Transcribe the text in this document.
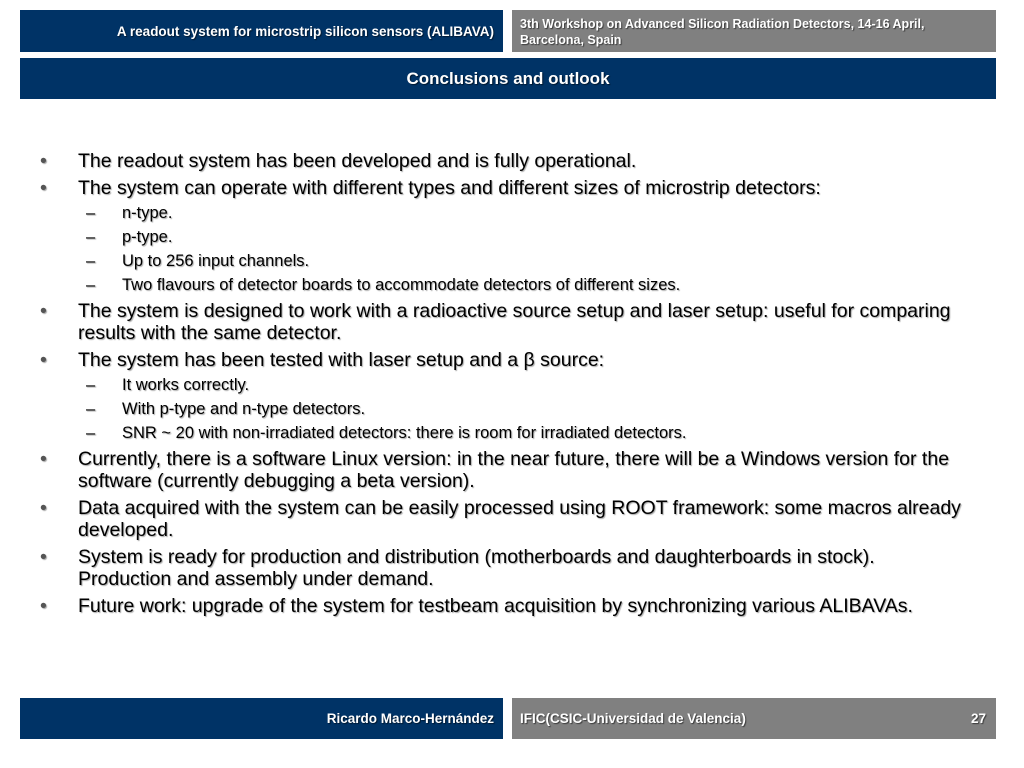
A readout system for microstrip silicon sensors (ALIBAVA)	3th Workshop on Advanced Silicon Radiation Detectors, 14-16 April, Barcelona, Spain
Conclusions and outlook
• The readout system has been developed and is fully operational.
• The system can operate with different types and different sizes of microstrip detectors:
– n-type.
– p-type.
– Up to 256 input channels.
– Two flavours of detector boards to accommodate detectors of different sizes.
• The system is designed to work with a radioactive source setup and laser setup: useful for comparing results with the same detector.
• The system has been tested with laser setup and a β source:
– It works correctly.
– With p-type and n-type detectors.
– SNR ~ 20 with non-irradiated detectors: there is room for irradiated detectors.
• Currently, there is a software Linux version: in the near future, there will be a Windows version for the software (currently debugging a beta version).
• Data acquired with the system can be easily processed using ROOT framework: some macros already developed.
• System is ready for production and distribution (motherboards and daughterboards in stock). Production and assembly under demand.
• Future work: upgrade of the system for testbeam acquisition by synchronizing various ALIBAVAs.
Ricardo Marco-Hernández IFIC(CSIC-Universidad de Valencia)	27
